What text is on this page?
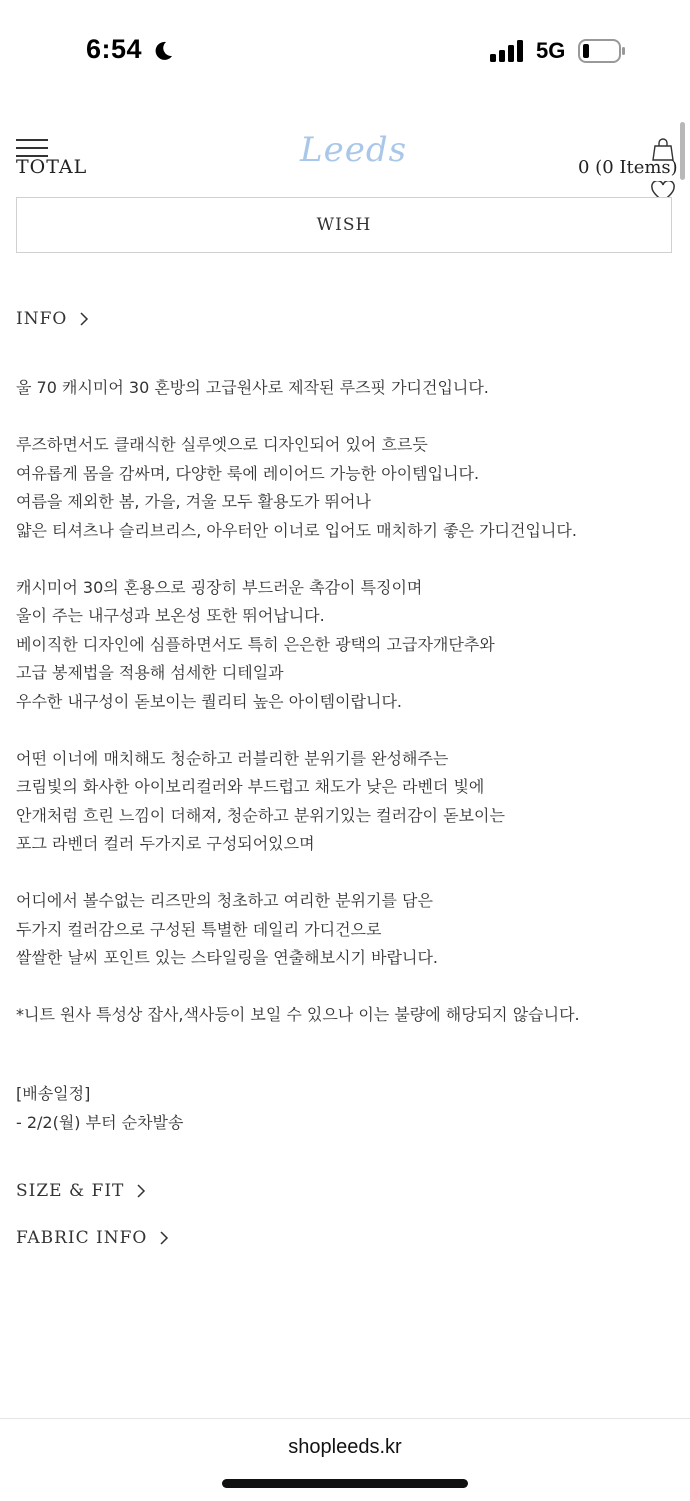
6:54	5G
TOTAL	Leeds	0 (0 Items)
WISH
INFO
울 70 캐시미어 30 혼방의 고급원사로 제작된 루즈핏 가디건입니다.
루즈하면서도 클래식한 실루엣으로 디자인되어 있어 흐르듯
여유롭게 몸을 감싸며, 다양한 룩에 레이어드 가능한 아이템입니다.
여름을 제외한 봄, 가을, 겨울 모두 활용도가 뛰어나
얇은 티셔츠나 슬리브리스, 아우터안 이너로 입어도 매치하기 좋은 가디건입니다.
캐시미어 30의 혼용으로 굉장히 부드러운 촉감이 특징이며
울이 주는 내구성과 보온성 또한 뛰어납니다.
베이직한 디자인에 심플하면서도 특히 은은한 광택의 고급자개단추와
고급 봉제법을 적용해 섬세한 디테일과
우수한 내구성이 돋보이는 퀄리티 높은 아이템이랍니다.
어떤 이너에 매치해도 청순하고 러블리한 분위기를 완성해주는
크림빛의 화사한 아이보리컬러와 부드럽고 채도가 낮은 라벤더 빛에
안개처럼 흐린 느낌이 더해져, 청순하고 분위기있는 컬러감이 돋보이는
포그 라벤더 컬러 두가지로 구성되어있으며
어디에서 볼수없는 리즈만의 청초하고 여리한 분위기를 담은
두가지 컬러감으로 구성된 특별한 데일리 가디건으로
쌀쌀한 날씨 포인트 있는 스타일링을 연출해보시기 바랍니다.
*니트 원사 특성상 잡사,색사등이 보일 수 있으나 이는 불량에 해당되지 않습니다.
[배송일정]
- 2/2(월) 부터 순차발송
SIZE & FIT
FABRIC INFO
shopleeds.kr
